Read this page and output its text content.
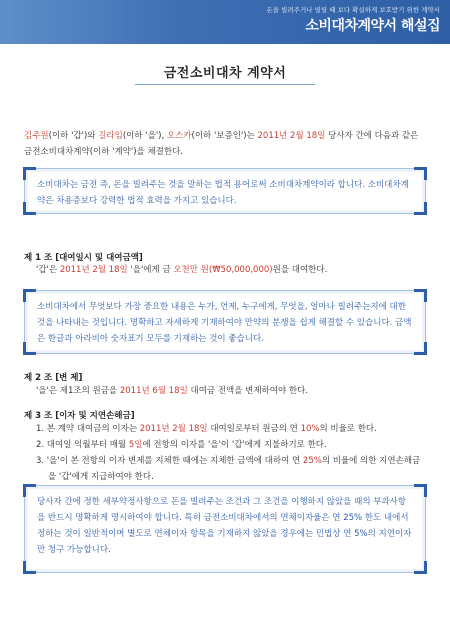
돈을 빌려주거나 빌릴 때 보다 확실하게 보호받기 위한 계약서
소비대차계약서 해설집
금전소비대차 계약서
김주원(이하 '갑')와 길라임(이하 '을'), 오스카(이하 '보증인')는 2011년 2월 18일 당사자 간에 다음과 같은 금전소비대차계약(이하 '계약')을 체결한다.
소비대차는 금전 즉, 돈을 빌려주는 것을 말하는 법적 용어로써 소비대차계약이라 합니다. 소비대차계약은 차용증보다 강력한 법적 효력을 가지고 있습니다.
제 1 조 [대여일시 및 대여금액]
'갑'은 2011년 2월 18일 '을'에게 금 오천만 원(₩50,000,000)원을 대여한다.
소비대차에서 무엇보다 가장 중요한 내용은 누가, 언제, 누구에게, 무엇을, 얼마나 빌려주는지에 대한 것을 나타내는 것입니다. 명확하고 자세하게 기재하여야 만약의 분쟁을 쉽게 해결할 수 있습니다. 금액은 한글과 아라비아 숫자표기 모두를 기재하는 것이 좋습니다.
제 2 조 [변 제]
'을'은 제1조의 원금을 2011년 6월 18일 대여금 전액을 변제하여야 한다.
제 3 조 [이자 및 지연손해금]
1. 본 계약 대여금의 이자는 2011년 2월 18일 대여일로부터 원금의 연 10%의 비율로 한다.
2. 대여일 익월부터 매월 5일에 전항의 이자를 '을'이 '갑'에게 지불하기로 한다.
3. '을'이 본 전항의 이자 변제를 지체한 때에는 지체한 금액에 대하여 연 25%의 비율에 의한 지연손해금을 '갑'에게 지급하여야 한다.
당사자 간에 정한 세부약정사항으로 돈을 빌려주는 조건과 그 조건을 이행하지 않았을 때의 부과사항을 반드시 명확하게 명시하여야 합니다. 특히 금전소비대차에서의 연체이자율은 연 25% 한도 내에서 정하는 것이 일반적이며 별도로 연체이자 항목을 기재하지 않았을 경우에는 민법상 연 5%의 지연이자만 청구 가능합니다.
